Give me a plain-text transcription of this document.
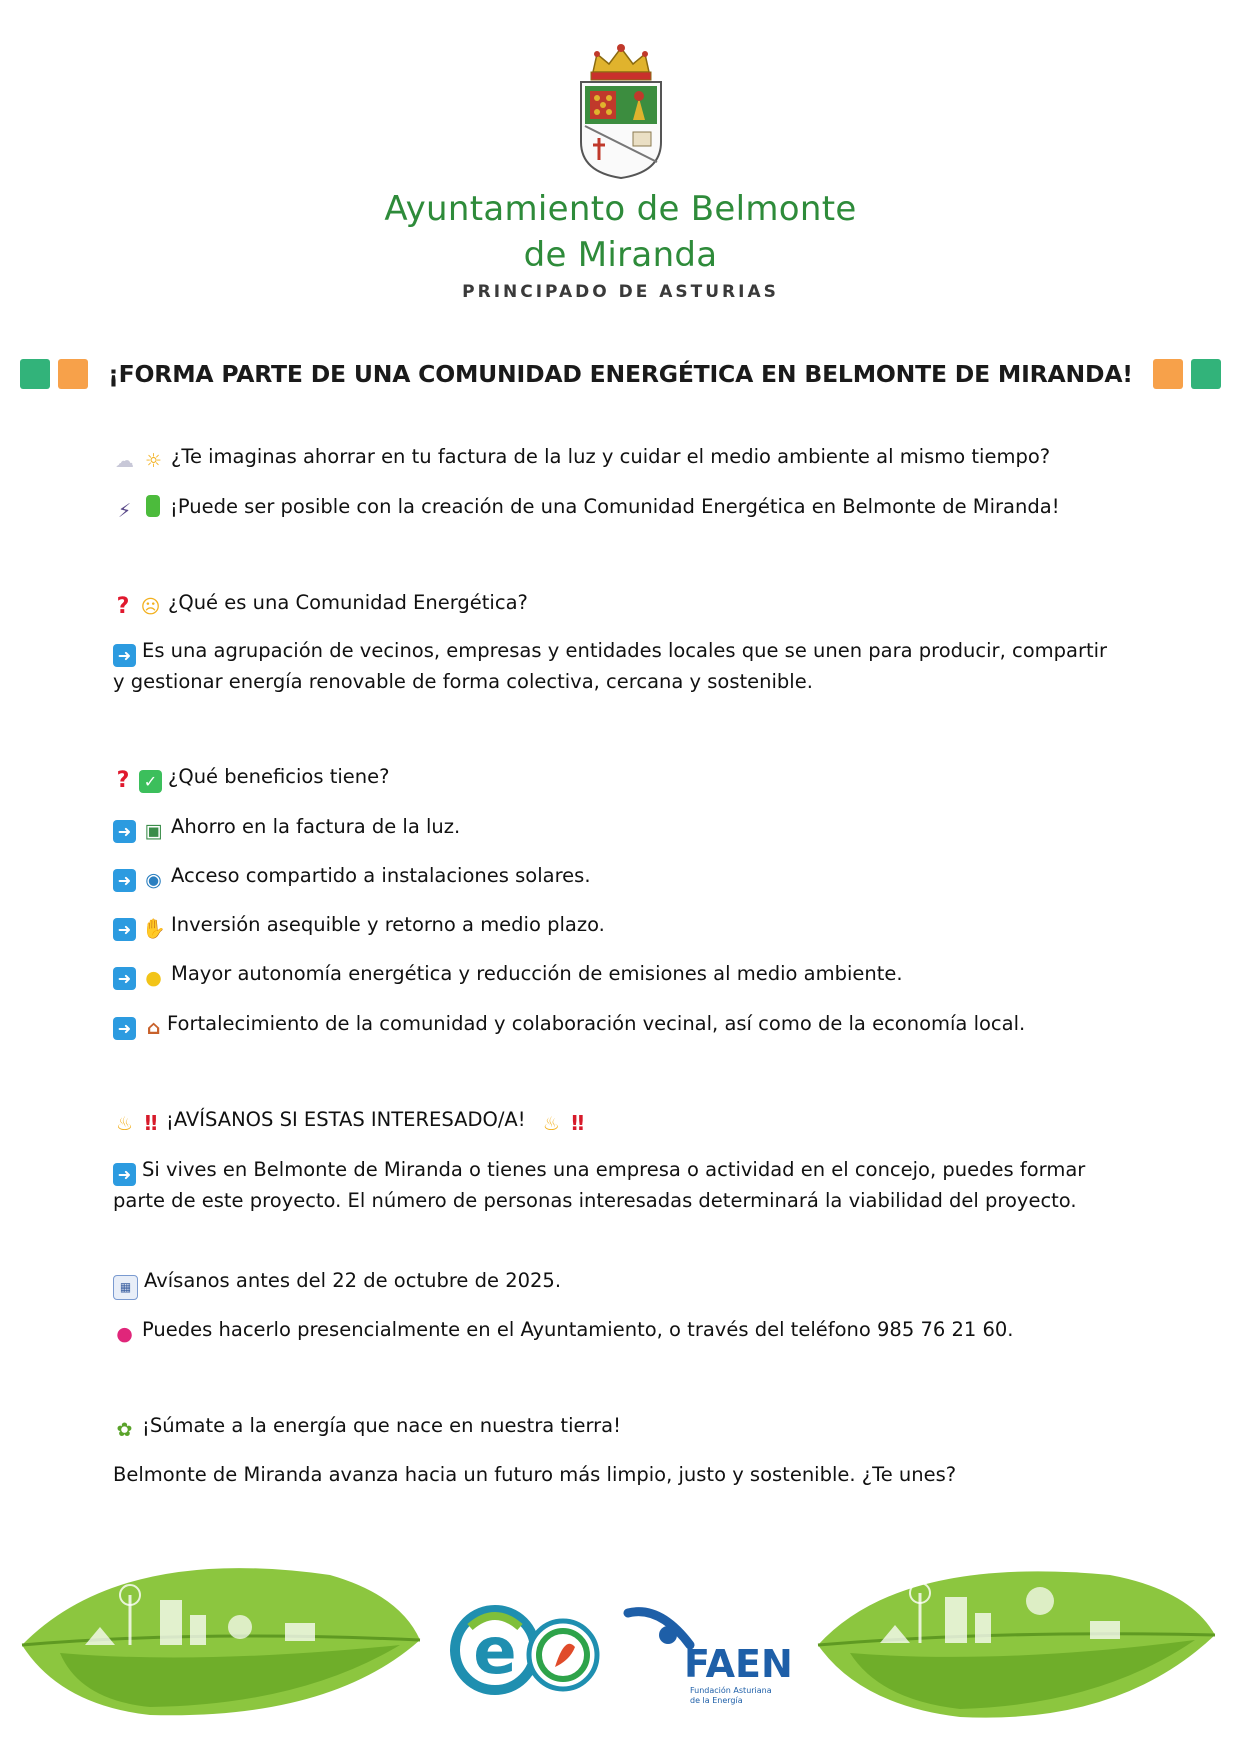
Ayuntamiento de Belmonte
de Miranda
PRINCIPADO DE ASTURIAS
¡FORMA PARTE DE UNA COMUNIDAD ENERGÉTICA EN BELMONTE DE MIRANDA!
☁ ☼ ¿Te imaginas ahorrar en tu factura de la luz y cuidar el medio ambiente al mismo tiempo?
⚡ ¡Puede ser posible con la creación de una Comunidad Energética en Belmonte de Miranda!
? ☹ ¿Qué es una Comunidad Energética?
➜ Es una agrupación de vecinos, empresas y entidades locales que se unen para producir, compartir y gestionar energía renovable de forma colectiva, cercana y sostenible.
? ✓ ¿Qué beneficios tiene?
➜ ▣ Ahorro en la factura de la luz.
➜ ◉ Acceso compartido a instalaciones solares.
➜ ✋ Inversión asequible y retorno a medio plazo.
➜ ● Mayor autonomía energética y reducción de emisiones al medio ambiente.
➜ ⌂ Fortalecimiento de la comunidad y colaboración vecinal, así como de la economía local.
♨ ‼ ¡AVÍSANOS SI ESTAS INTERESADO/A! ♨ ‼
➜ Si vives en Belmonte de Miranda o tienes una empresa o actividad en el concejo, puedes formar parte de este proyecto. El número de personas interesadas determinará la viabilidad del proyecto.
▦ Avísanos antes del 22 de octubre de 2025.
● Puedes hacerlo presencialmente en el Ayuntamiento, o través del teléfono 985 76 21 60.
✿ ¡Súmate a la energía que nace en nuestra tierra!
Belmonte de Miranda avanza hacia un futuro más limpio, justo y sostenible. ¿Te unes?
e	FAEN
Fundación Asturiana
de la Energía
